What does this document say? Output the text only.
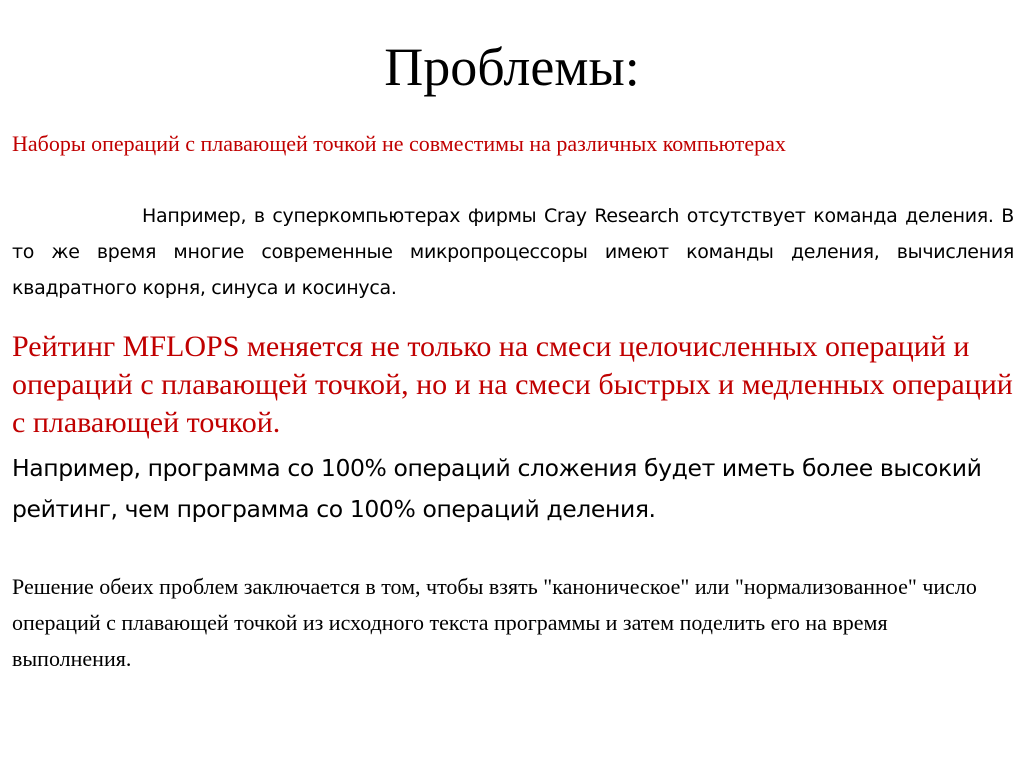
Проблемы:
Наборы операций с плавающей точкой не совместимы на различных компьютерах
Например, в суперкомпьютерах фирмы Cray Research отсутствует команда деления. В то же время многие современные микропроцессоры имеют команды деления, вычисления квадратного корня, синуса и косинуса.
Рейтинг MFLOPS меняется не только на смеси целочисленных операций и операций с плавающей точкой, но и на смеси быстрых и медленных операций с плавающей точкой.
Например, программа со 100% операций сложения будет иметь более высокий рейтинг, чем программа со 100% операций деления.
Решение обеих проблем заключается в том, чтобы взять "каноническое" или "нормализованное" число операций с плавающей точкой из исходного текста программы и затем поделить его на время выполнения.
